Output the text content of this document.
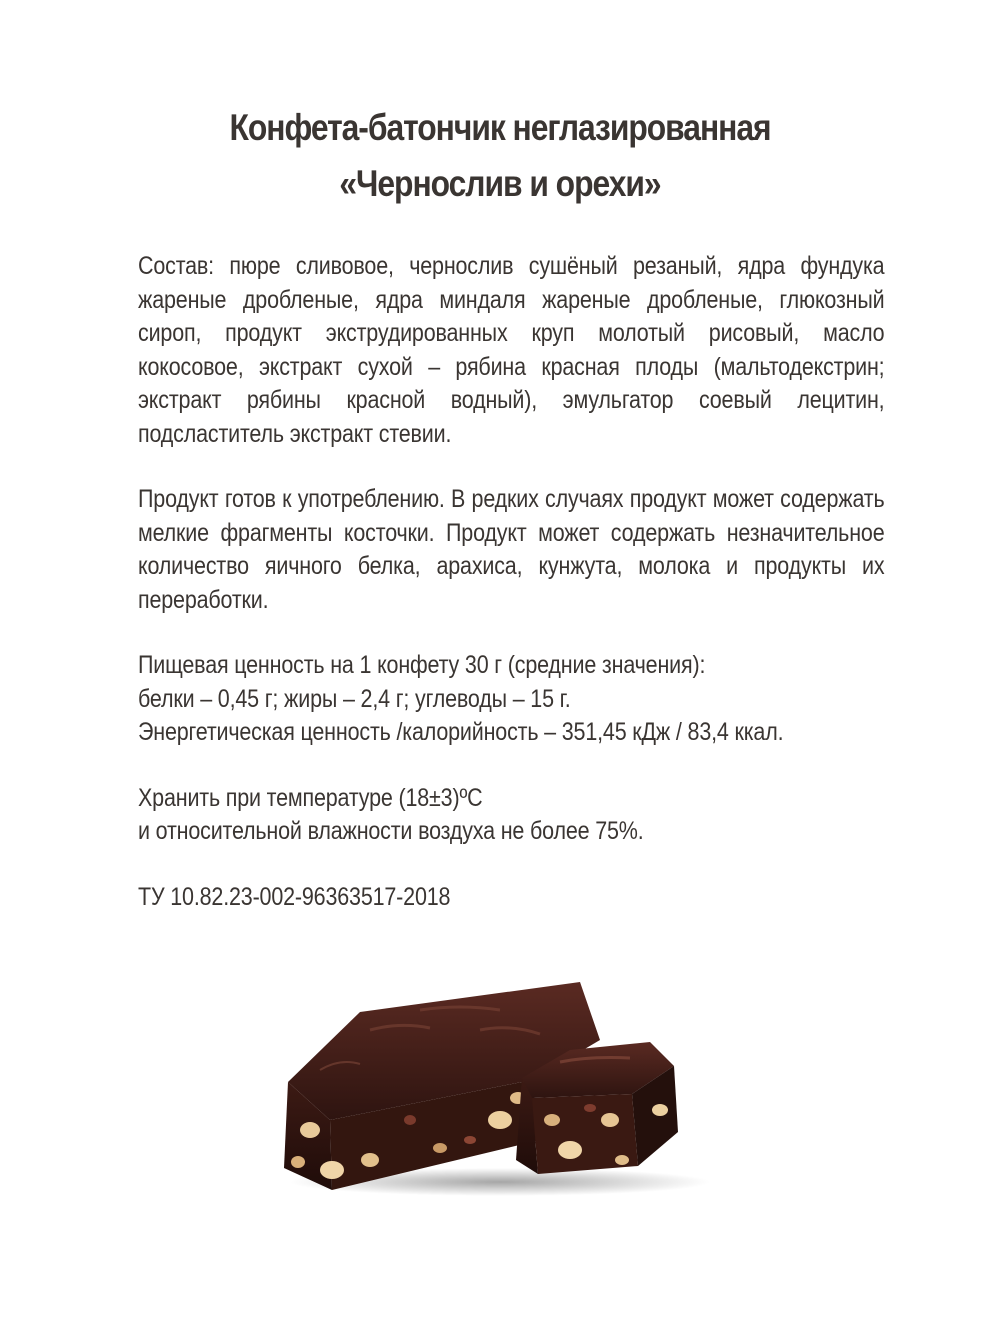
Конфета-батончик неглазированная
«Чернослив и орехи»

Состав: пюре сливовое, чернослив сушёный резаный, ядра фундука жареные дробленые, ядра миндаля жареные дробленые, глюкозный сироп, продукт экструдированных круп молотый рисовый, масло кокосовое, экстракт сухой – рябина красная плоды (мальтодекстрин; экстракт рябины красной водный), эмульгатор соевый лецитин, подсластитель экстракт стевии.

Продукт готов к употреблению. В редких случаях продукт может содержать мелкие фрагменты косточки. Продукт может содержать незначительное количество яичного белка, арахиса, кунжута, молока и продукты их переработки.

Пищевая ценность на 1 конфету 30 г (средние значения):
белки – 0,45 г; жиры – 2,4 г; углеводы – 15 г.
Энергетическая ценность /калорийность – 351,45 кДж / 83,4 ккал.

Хранить при температуре (18±3)ºС
и относительной влажности воздуха не более 75%.

ТУ 10.82.23-002-96363517-2018
